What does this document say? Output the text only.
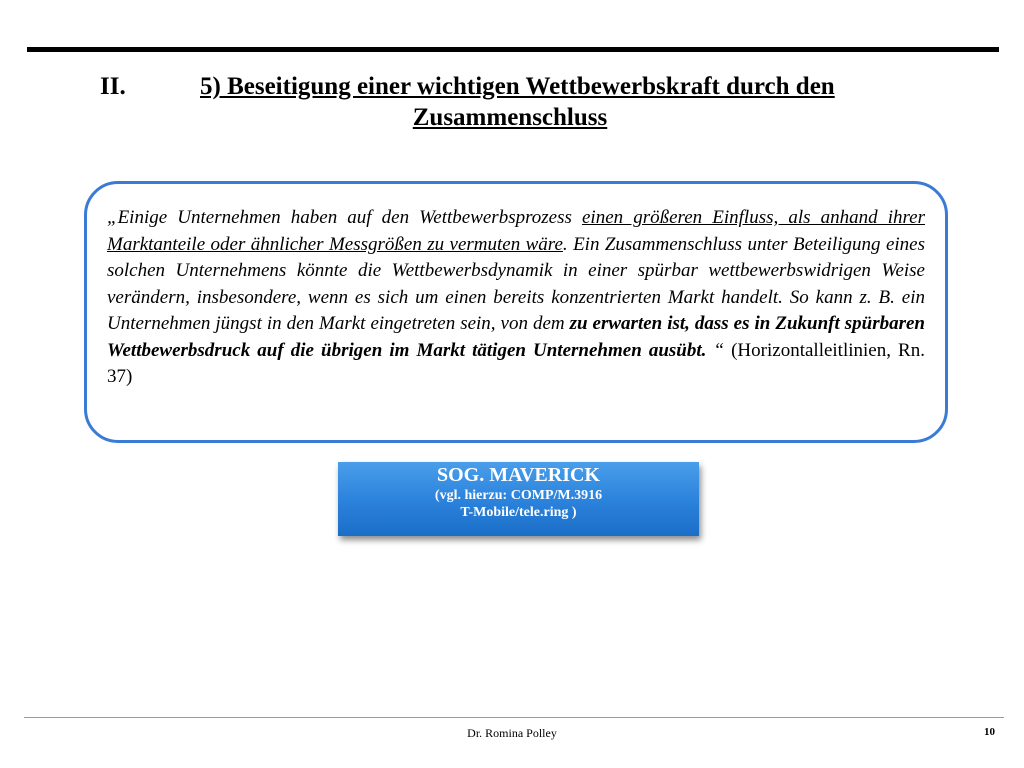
II.	5) Beseitigung einer wichtigen Wettbewerbskraft durch den
Zusammenschluss
„Einige Unternehmen haben auf den Wettbewerbsprozess einen größeren Einfluss, als anhand ihrer Marktanteile oder ähnlicher Messgrößen zu vermuten wäre. Ein Zusammenschluss unter Beteiligung eines solchen Unternehmens könnte die Wettbewerbsdynamik in einer spürbar wettbewerbswidrigen Weise verändern, insbesondere, wenn es sich um einen bereits konzentrierten Markt handelt. So kann z. B. ein Unternehmen jüngst in den Markt eingetreten sein, von dem zu erwarten ist, dass es in Zukunft spürbaren Wettbewerbsdruck auf die übrigen im Markt tätigen Unternehmen ausübt. “ (Horizontalleitlinien, Rn. 37)
SOG. MAVERICK
(vgl. hierzu: COMP/M.3916
T-Mobile/tele.ring )
Dr. Romina Polley	10
